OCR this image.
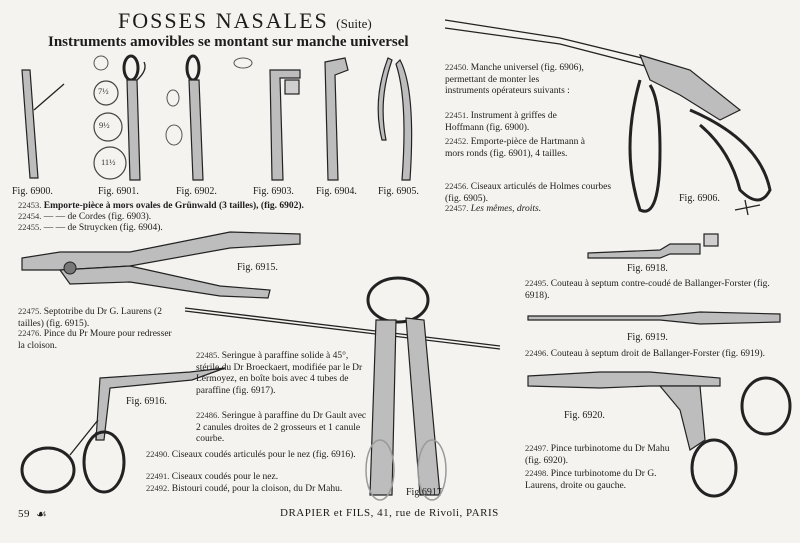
FOSSES NASALES (Suite)
Instruments amovibles se montant sur manche universel
7½
9½
11½
Fig. 6900.	Fig. 6901.	Fig. 6902.	Fig. 6903. Fig. 6904. Fig. 6905.
Fig. 6906.
Fig. 6915.
Fig. 6916.
Fig.6917
Fig. 6918.
Fig. 6919.
Fig. 6920.
22453. Emporte-pièce à mors ovales de Grünwald (3 tailles), (fig. 6902).
22454. — — de Cordes (fig. 6903).
22455. — — de Struycken (fig. 6904).
22450. Manche universel (fig. 6906), permettant de monter les instruments opérateurs suivants :
22451. Instrument à griffes de Hoffmann (fig. 6900).
22452. Emporte-pièce de Hartmann à mors ronds (fig. 6901), 4 tailles.
22456. Ciseaux articulés de Holmes courbes (fig. 6905).
22457. Les mêmes, droits.
22475. Septotribe du Dr G. Laurens (2 tailles) (fig. 6915).
22476. Pince du Pr Moure pour redresser la cloison.
22485. Seringue à paraffine solide à 45°, stérile du Dr Broeckaert, modifiée par le Dr Lermoyez, en boîte bois avec 4 tubes de paraffine (fig. 6917).
22486. Seringue à paraffine du Dr Gault avec 2 canules droites de 2 grosseurs et 1 canule courbe.
22490. Ciseaux coudés articulés pour le nez (fig. 6916).
22491. Ciseaux coudés pour le nez.
22492. Bistouri coudé, pour la cloison, du Dr Mahu.
22495. Couteau à septum contre-coudé de Ballanger-Forster (fig. 6918).
22496. Couteau à septum droit de Ballanger-Forster (fig. 6919).
22497. Pince turbinotome du Dr Mahu (fig. 6920).
22498. Pince turbinotome du Dr G. Laurens, droite ou gauche.
59 ☙	DRAPIER et FILS, 41, rue de Rivoli, PARIS
